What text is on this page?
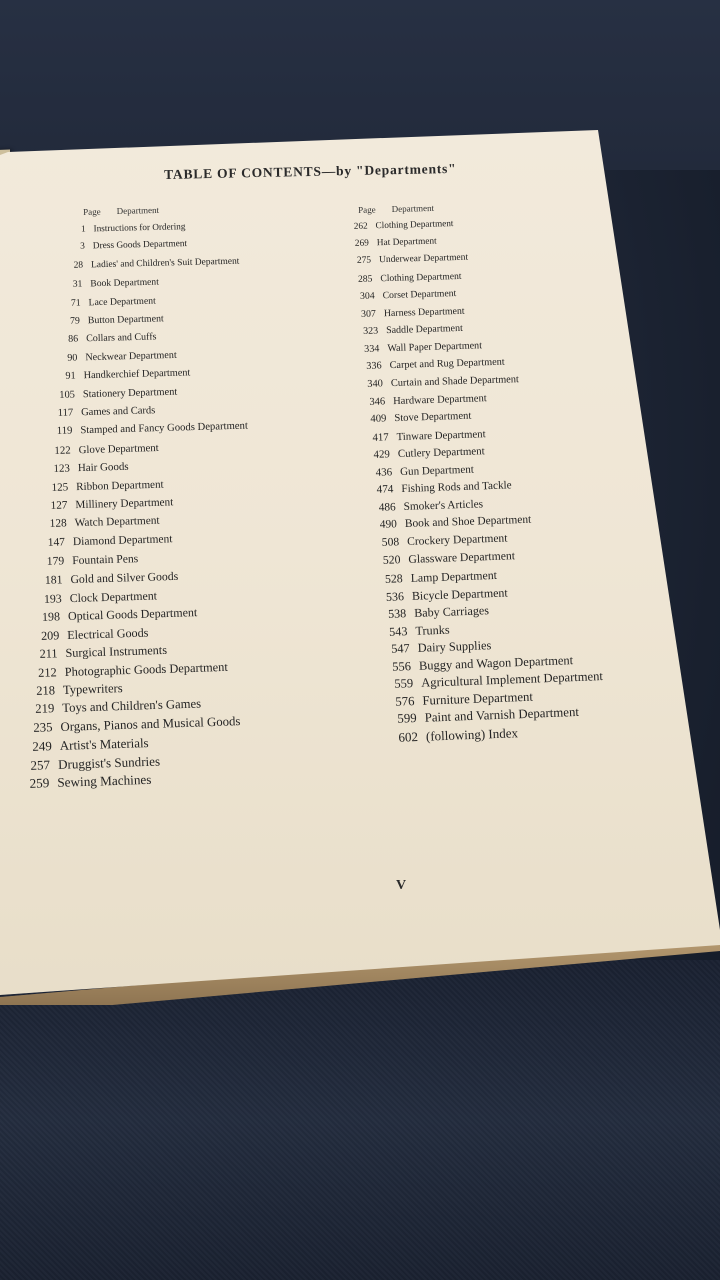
TABLE OF CONTENTS—by "Departments"
Page Department	Page Department
1 Instructions for Ordering
3 Dress Goods Department
28 Ladies' and Children's Suit Department
31 Book Department
71 Lace Department
79 Button Department
86 Collars and Cuffs
90 Neckwear Department
91 Handkerchief Department
105 Stationery Department
117 Games and Cards
119 Stamped and Fancy Goods Department
122 Glove Department
123 Hair Goods
125 Ribbon Department
127 Millinery Department
128 Watch Department
147 Diamond Department
179 Fountain Pens
181 Gold and Silver Goods
193 Clock Department
198 Optical Goods Department
209 Electrical Goods
211 Surgical Instruments
212 Photographic Goods Department
218 Typewriters
219 Toys and Children's Games
235 Organs, Pianos and Musical Goods
249 Artist's Materials
257 Druggist's Sundries
259 Sewing Machines
262 Clothing Department
269 Hat Department
275 Underwear Department
285 Clothing Department
304 Corset Department
307 Harness Department
323 Saddle Department
334 Wall Paper Department
336 Carpet and Rug Department
340 Curtain and Shade Department
346 Hardware Department
409 Stove Department
417 Tinware Department
429 Cutlery Department
436 Gun Department
474 Fishing Rods and Tackle
486 Smoker's Articles
490 Book and Shoe Department
508 Crockery Department
520 Glassware Department
528 Lamp Department
536 Bicycle Department
538 Baby Carriages
543 Trunks
547 Dairy Supplies
556 Buggy and Wagon Department
559 Agricultural Implement Department
576 Furniture Department
599 Paint and Varnish Department
602 (following) Index
V
